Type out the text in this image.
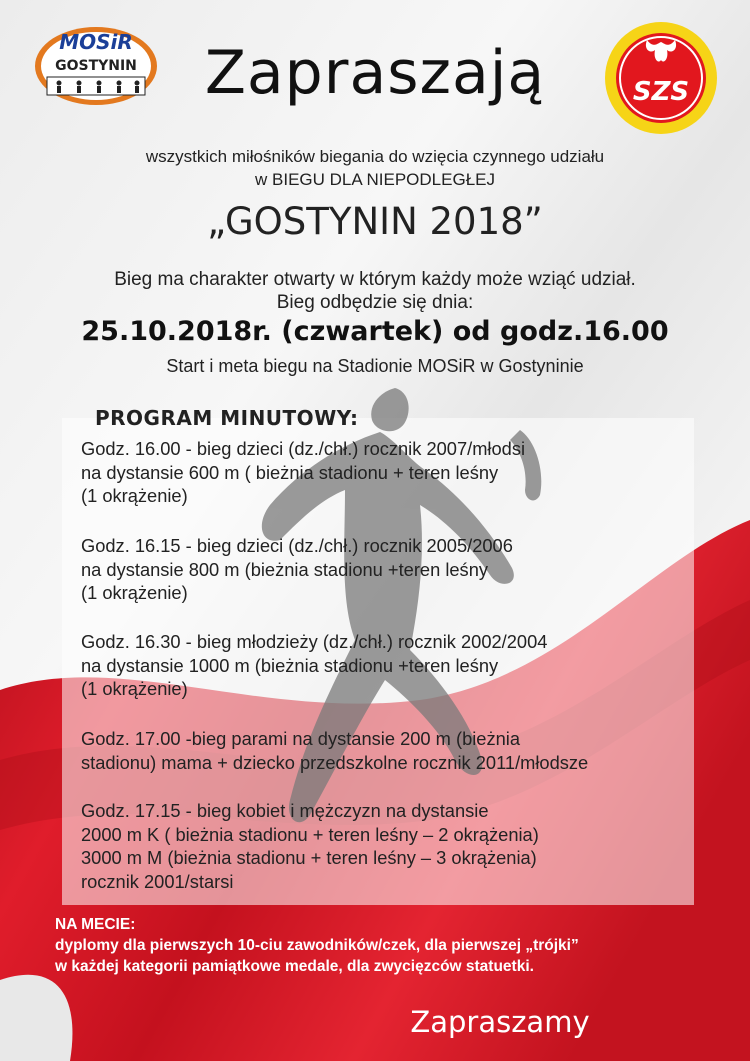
MOSiR
GOSTYNIN
SZS
Zapraszają
wszystkich miłośników biegania do wzięcia czynnego udziału
w BIEGU DLA NIEPODLEGŁEJ
„GOSTYNIN 2018”
Bieg ma charakter otwarty w którym każdy może wziąć udział.
Bieg odbędzie się dnia:
25.10.2018r. (czwartek) od godz.16.00
Start i meta biegu na Stadionie MOSiR w Gostyninie
PROGRAM MINUTOWY:
Godz. 16.00 - bieg dzieci (dz./chł.) rocznik 2007/młodsi
na dystansie 600 m ( bieżnia stadionu + teren leśny
(1 okrążenie)
Godz. 16.15 - bieg dzieci (dz./chł.) rocznik 2005/2006
na dystansie 800 m (bieżnia stadionu +teren leśny
(1 okrążenie)
Godz. 16.30 - bieg młodzieży (dz./chł.) rocznik 2002/2004
na dystansie 1000 m (bieżnia stadionu +teren leśny
(1 okrążenie)
Godz. 17.00 -bieg parami na dystansie 200 m (bieżnia
stadionu) mama + dziecko przedszkolne rocznik 2011/młodsze
Godz. 17.15 - bieg kobiet i mężczyzn na dystansie
2000 m K ( bieżnia stadionu + teren leśny – 2 okrążenia)
3000 m M (bieżnia stadionu + teren leśny – 3 okrążenia)
rocznik 2001/starsi
NA MECIE:
dyplomy dla pierwszych 10-ciu zawodników/czek, dla pierwszej „trójki”
w każdej kategorii pamiątkowe medale, dla zwycięzców statuetki.
Zapraszamy
